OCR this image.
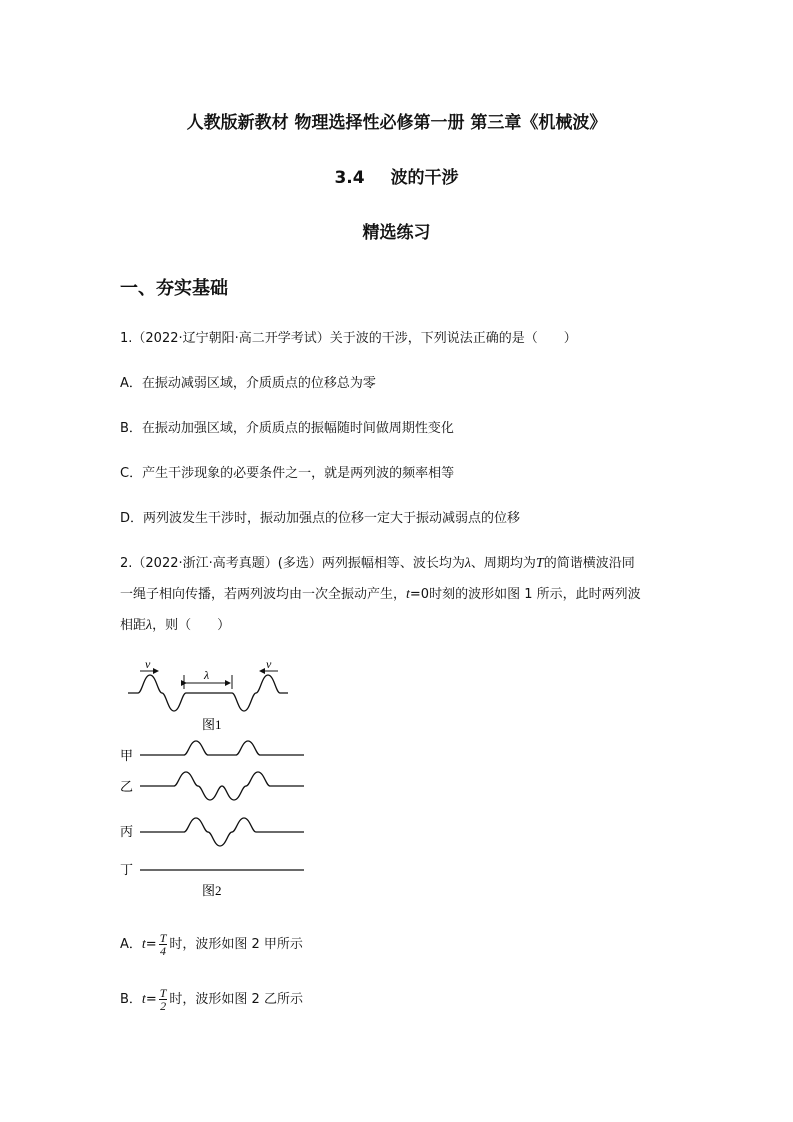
人教版新教材 物理选择性必修第一册 第三章《机械波》
3.4 波的干涉
精选练习
一、夯实基础
1.（2022·辽宁朝阳·高二开学考试）关于波的干涉，下列说法正确的是（　　）
A．在振动减弱区域，介质质点的位移总为零
B．在振动加强区域，介质质点的振幅随时间做周期性变化
C．产生干涉现象的必要条件之一，就是两列波的频率相等
D．两列波发生干涉时，振动加强点的位移一定大于振动减弱点的位移
2.（2022·浙江·高考真题）(多选）两列振幅相等、波长均为λ、周期均为T的简谐横波沿同
一绳子相向传播，若两列波均由一次全振动产生，t=0时刻的波形如图 1 所示，此时两列波
相距λ，则（　　）
v	v
λ
图1
甲
乙
丙
丁
图2
A．$t= \frac{T}{4}$ 时，波形如图 2 甲所示
B．$t= \frac{T}{2}$ 时，波形如图 2 乙所示
